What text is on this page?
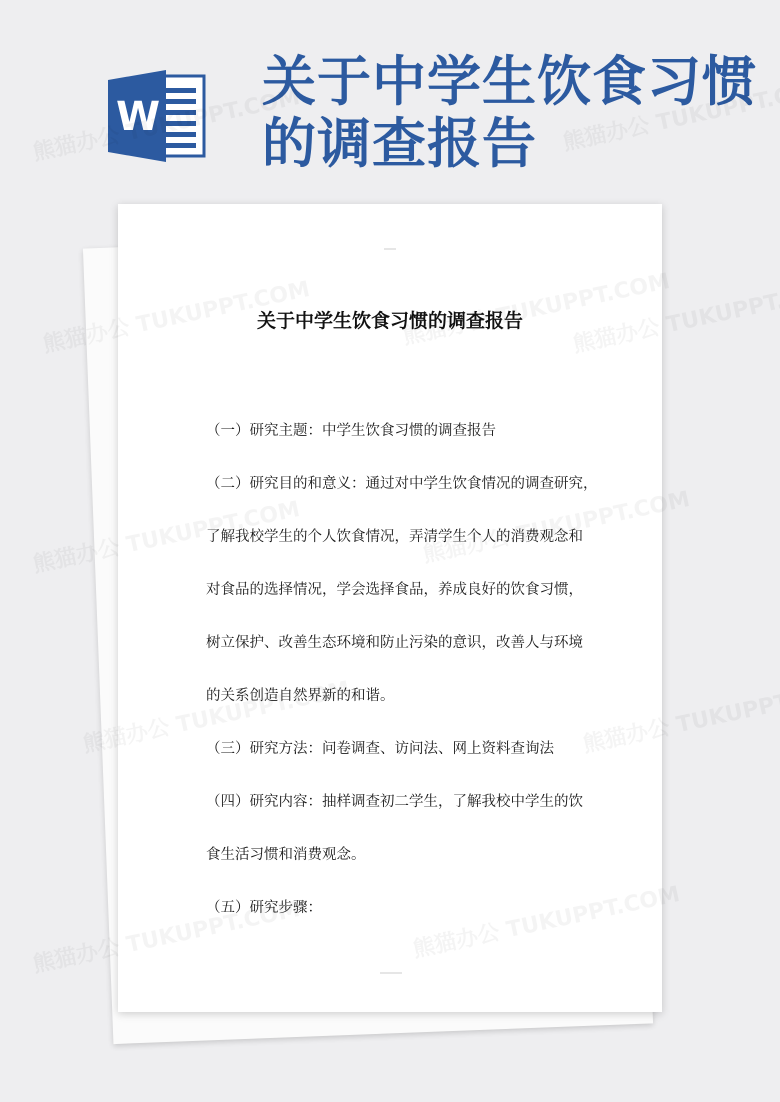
W
关于中学生饮食习惯的调查报告
关于中学生饮食习惯的调查报告

（一）研究主题：中学生饮食习惯的调查报告

（二）研究目的和意义：通过对中学生饮食情况的调查研究，

了解我校学生的个人饮食情况，弄清学生个人的消费观念和

对食品的选择情况，学会选择食品，养成良好的饮食习惯，

树立保护、改善生态环境和防止污染的意识，改善人与环境

的关系创造自然界新的和谐。

（三）研究方法：问卷调查、访问法、网上资料查询法

（四）研究内容：抽样调查初二学生，了解我校中学生的饮

食生活习惯和消费观念。

（五）研究步骤：
